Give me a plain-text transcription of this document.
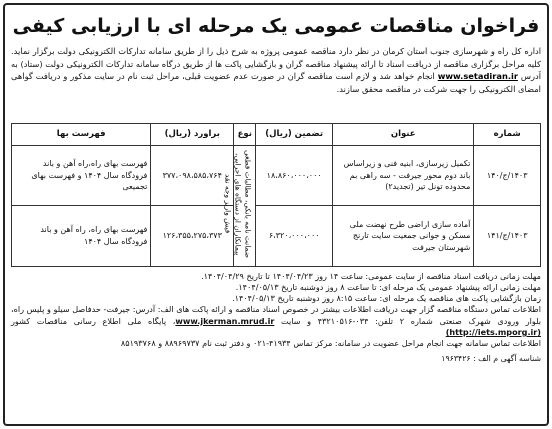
فراخوان مناقصات عمومی یک مرحله ای با ارزیابی کیفی
اداره کل راه و شهرسازی جنوب استان کرمان در نظر دارد مناقصه عمومی پروژه به شرح ذیل را از طریق سامانه تدارکات الکترونیکی دولت برگزار نماید. کلیه مراحل برگزاری مناقصه از دریافت اسناد تا ارائه پیشنهاد مناقصه گران و بازگشایی پاکت ها از طریق درگاه سامانه تدارکات الکترونیکی دولت (ستاد) به آدرس www.setadiran.ir انجام خواهد شد و لازم است مناقصه گران در صورت عدم عضویت قبلی، مراحل ثبت نام در سایت مذکور و دریافت گواهی امضای الکترونیکی را جهت شرکت در مناقصه محقق سازند.
شماره	عنوان	تضمین (ریال)	نوع	براورد (ریال)	فهرست بها
۱۴۰۳/ج/۱۴۰	تکمیل زیرسازی، ابنیه فنی و زیراساس باند دوم محور جیرفت - سه راهی بم محدوده تونل تیر (تجدید۲)	۱۸،۸۶۰،۰۰۰،۰۰۰	ضمانت نامه بانکی، مطالبات قطعی پیمانکاران از دستگاه های اجرایی، فیش واریز وجه نقد	۳۷۷،۰۹۸،۵۸۵،۷۶۴	فهرست بهای راه،راه آهن و باند فرودگاه سال ۱۴۰۴ و فهرست بهای تجمیعی
۱۴۰۳/ج/۱۴۱	آماده سازی اراضی طرح نهضت ملی مسکن و جوانی جمعیت سایت تارنج شهرستان جیرفت	۶،۳۲۰،۰۰۰،۰۰۰		۱۲۶،۳۵۵،۲۷۵،۳۷۳	فهرست بهای راه، راه آهن و باند فرودگاه سال ۱۴۰۴

مهلت زمانی دریافت اسناد مناقصه از سایت عمومی: ساعت ۱۴ روز ۱۴۰۴/۰۴/۲۳ تا تاریخ ۱۴۰۴/۰۴/۲۹.

مهلت زمانی ارائه پیشنهاد عمومی یک مرحله ای: تا ساعت ۸ روز دوشنبه تاریخ ۱۴۰۴/۰۵/۱۳.

زمان بازگشایی پاکت های مناقصه یک مرحله ای: ساعت ۸:۱۵ روز دوشنبه تاریخ ۱۴۰۴/۰۵/۱۳.

اطلاعات تماس دستگاه مناقصه گزار جهت دریافت اطلاعات بیشتر در خصوص اسناد مناقصه و ارائه پاکت های الف: آدرس: جیرفت- حدفاصل سیلو و پلیس راه، بلوار ورودی شهرک صنعتی شماره ۲ تلفن: ۰۳۴-۴۳۲۱۰۵۱۶ و سایت www.jkerman.mrud.ir، پایگاه ملی اطلاع رسانی مناقصات کشور (http://iets.mporg.ir)

اطلاعات تماس سامانه جهت انجام مراحل عضویت در سامانه: مرکز تماس ۴۱۹۳۴-۰۲۱ و دفتر ثبت نام ۸۸۹۶۹۷۳۷ و ۸۵۱۹۳۷۶۸

شناسه آگهی م الف : ۱۹۶۳۴۲۶
